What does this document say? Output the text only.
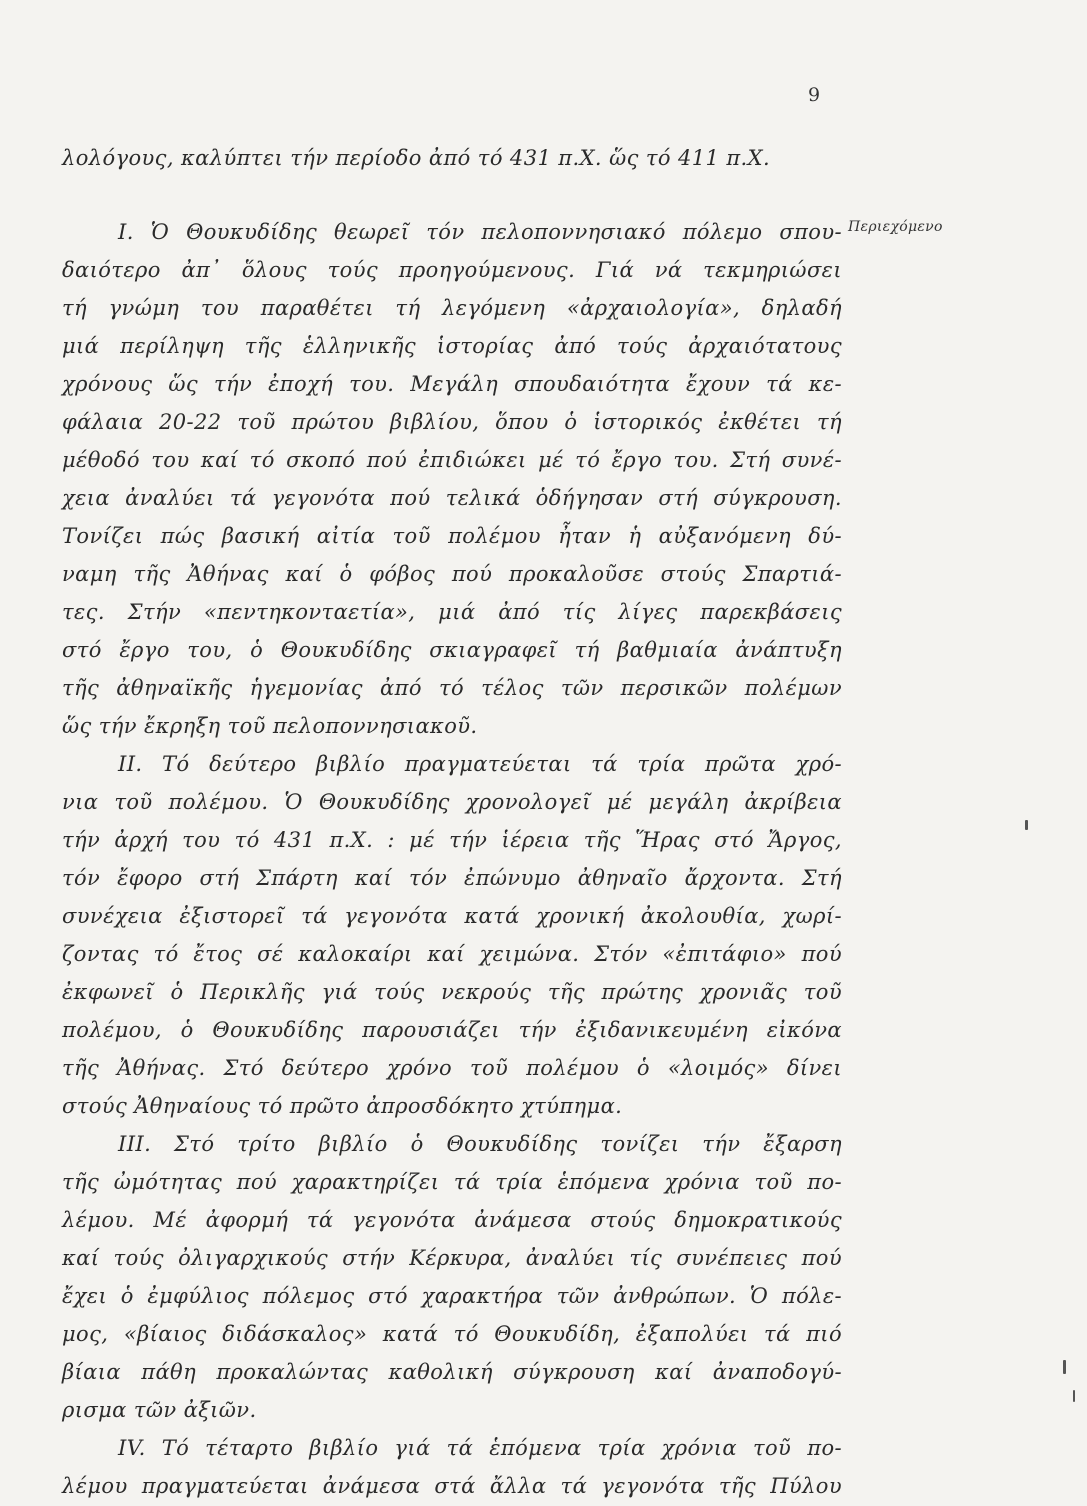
9
Περιεχόμενο
λολόγους, καλύπτει τήν περίοδο ἀπό τό 431 π.Χ. ὥς τό 411 π.Χ.
Ι. Ὁ Θουκυδίδης θεωρεῖ τόν πελοποννησιακό πόλεμο σπου-
δαιότερο ἀπ᾽ ὅλους τούς προηγούμενους. Γιά νά τεκμηριώσει
τή γνώμη του παραθέτει τή λεγόμενη «ἀρχαιολογία», δηλαδή
μιά περίληψη τῆς ἑλληνικῆς ἱστορίας ἀπό τούς ἀρχαιότατους
χρόνους ὥς τήν ἐποχή του. Μεγάλη σπουδαιότητα ἔχουν τά κε-
φάλαια 20-22 τοῦ πρώτου βιβλίου, ὅπου ὁ ἱστορικός ἐκθέτει τή
μέθοδό του καί τό σκοπό πού ἐπιδιώκει μέ τό ἔργο του. Στή συνέ-
χεια ἀναλύει τά γεγονότα πού τελικά ὁδήγησαν στή σύγκρουση.
Τονίζει πώς βασική αἰτία τοῦ πολέμου ἦταν ἡ αὐξανόμενη δύ-
ναμη τῆς Ἀθήνας καί ὁ φόβος πού προκαλοῦσε στούς Σπαρτιά-
τες. Στήν «πεντηκονταετία», μιά ἀπό τίς λίγες παρεκβάσεις
στό ἔργο του, ὁ Θουκυδίδης σκιαγραφεῖ τή βαθμιαία ἀνάπτυξη
τῆς ἀθηναϊκῆς ἡγεμονίας ἀπό τό τέλος τῶν περσικῶν πολέμων
ὥς τήν ἔκρηξη τοῦ πελοποννησιακοῦ.
ΙΙ. Τό δεύτερο βιβλίο πραγματεύεται τά τρία πρῶτα χρό-
νια τοῦ πολέμου. Ὁ Θουκυδίδης χρονολογεῖ μέ μεγάλη ἀκρίβεια
τήν ἀρχή του τό 431 π.Χ. : μέ τήν ἱέρεια τῆς Ἥρας στό Ἄργος,
τόν ἔφορο στή Σπάρτη καί τόν ἐπώνυμο ἀθηναῖο ἄρχοντα. Στή
συνέχεια ἐξιστορεῖ τά γεγονότα κατά χρονική ἀκολουθία, χωρί-
ζοντας τό ἔτος σέ καλοκαίρι καί χειμώνα. Στόν «ἐπιτάφιο» πού
ἐκφωνεῖ ὁ Περικλῆς γιά τούς νεκρούς τῆς πρώτης χρονιᾶς τοῦ
πολέμου, ὁ Θουκυδίδης παρουσιάζει τήν ἐξιδανικευμένη εἰκόνα
τῆς Ἀθήνας. Στό δεύτερο χρόνο τοῦ πολέμου ὁ «λοιμός» δίνει
στούς Ἀθηναίους τό πρῶτο ἀπροσδόκητο χτύπημα.
ΙΙΙ. Στό τρίτο βιβλίο ὁ Θουκυδίδης τονίζει τήν ἔξαρση
τῆς ὠμότητας πού χαρακτηρίζει τά τρία ἑπόμενα χρόνια τοῦ πο-
λέμου. Μέ ἀφορμή τά γεγονότα ἀνάμεσα στούς δημοκρατικούς
καί τούς ὀλιγαρχικούς στήν Κέρκυρα, ἀναλύει τίς συνέπειες πού
ἔχει ὁ ἐμφύλιος πόλεμος στό χαρακτήρα τῶν ἀνθρώπων. Ὁ πόλε-
μος, «βίαιος διδάσκαλος» κατά τό Θουκυδίδη, ἐξαπολύει τά πιό
βίαια πάθη προκαλώντας καθολική σύγκρουση καί ἀναποδογύ-
ρισμα τῶν ἀξιῶν.
ΙV. Τό τέταρτο βιβλίο γιά τά ἑπόμενα τρία χρόνια τοῦ πο-
λέμου πραγματεύεται ἀνάμεσα στά ἄλλα τά γεγονότα τῆς Πύλου
